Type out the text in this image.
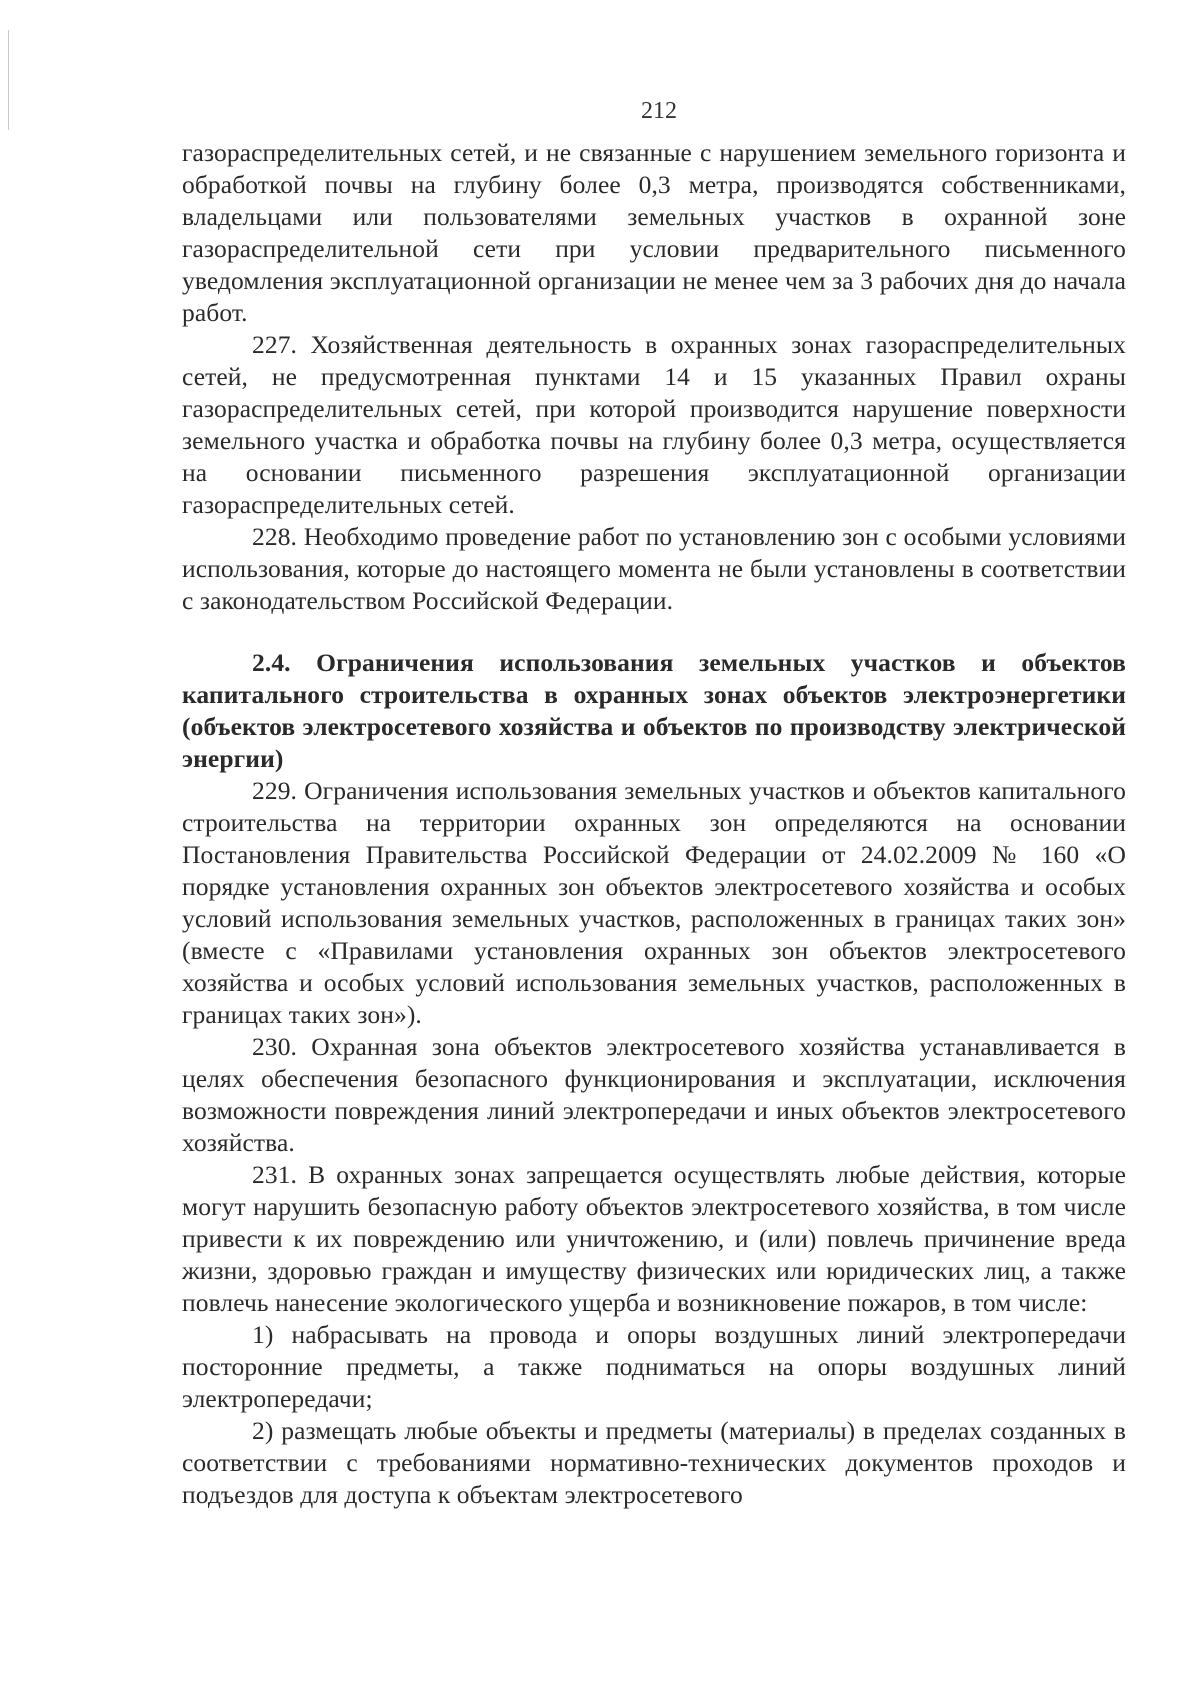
212

газораспределительных сетей, и не связанные с нарушением земельного горизонта и обработкой почвы на глубину более 0,3 метра, производятся собственниками, владельцами или пользователями земельных участков в охранной зоне газораспределительной сети при условии предварительного письменного уведомления эксплуатационной организации не менее чем за 3 рабочих дня до начала работ.

227. Хозяйственная деятельность в охранных зонах газораспределительных сетей, не предусмотренная пунктами 14 и 15 указанных Правил охраны газораспределительных сетей, при которой производится нарушение поверхности земельного участка и обработка почвы на глубину более 0,3 метра, осуществляется на основании письменного разрешения эксплуатационной организации газораспределительных сетей.

228. Необходимо проведение работ по установлению зон с особыми условиями использования, которые до настоящего момента не были установлены в соответствии с законодательством Российской Федерации.

2.4. Ограничения использования земельных участков и объектов капитального строительства в охранных зонах объектов электроэнергетики (объектов электросетевого хозяйства и объектов по производству электрической энергии)

229. Ограничения использования земельных участков и объектов капитального строительства на территории охранных зон определяются на основании Постановления Правительства Российской Федерации от 24.02.2009 № 160 «О порядке установления охранных зон объектов электросетевого хозяйства и особых условий использования земельных участков, расположенных в границах таких зон» (вместе с «Правилами установления охранных зон объектов электросетевого хозяйства и особых условий использования земельных участков, расположенных в границах таких зон»).

230. Охранная зона объектов электросетевого хозяйства устанавливается в целях обеспечения безопасного функционирования и эксплуатации, исключения возможности повреждения линий электропередачи и иных объектов электросетевого хозяйства.

231. В охранных зонах запрещается осуществлять любые действия, которые могут нарушить безопасную работу объектов электросетевого хозяйства, в том числе привести к их повреждению или уничтожению, и (или) повлечь причинение вреда жизни, здоровью граждан и имуществу физических или юридических лиц, а также повлечь нанесение экологического ущерба и возникновение пожаров, в том числе:

1) набрасывать на провода и опоры воздушных линий электропередачи посторонние предметы, а также подниматься на опоры воздушных линий электропередачи;

2) размещать любые объекты и предметы (материалы) в пределах созданных в соответствии с требованиями нормативно-технических документов проходов и подъездов для доступа к объектам электросетевого
